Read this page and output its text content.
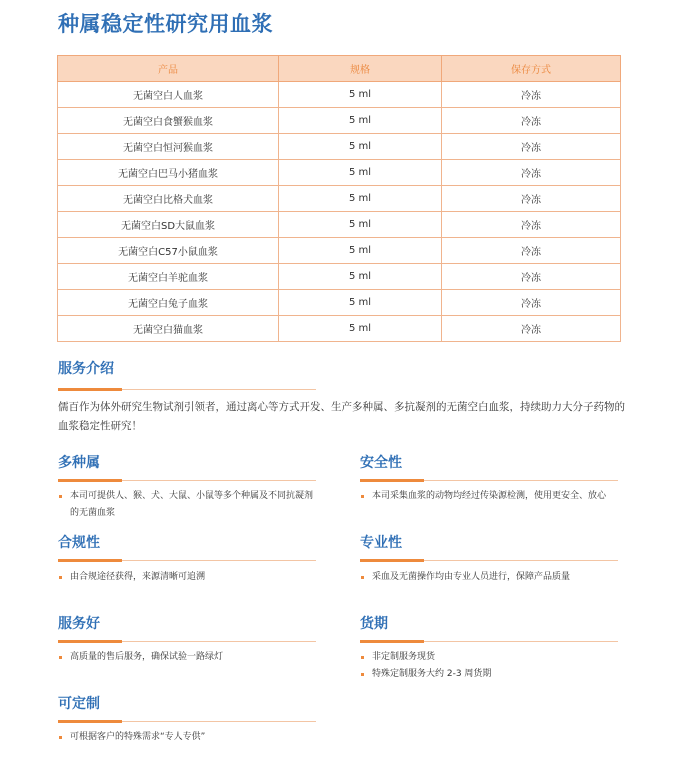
种属稳定性研究用血浆
产品	规格	保存方式
无菌空白人血浆	5 ml	冷冻
无菌空白食蟹猴血浆	5 ml	冷冻
无菌空白恒河猴血浆	5 ml	冷冻
无菌空白巴马小猪血浆	5 ml	冷冻
无菌空白比格犬血浆	5 ml	冷冻
无菌空白SD大鼠血浆	5 ml	冷冻
无菌空白C57小鼠血浆	5 ml	冷冻
无菌空白羊驼血浆	5 ml	冷冻
无菌空白兔子血浆	5 ml	冷冻
无菌空白猫血浆	5 ml	冷冻
服务介绍

儒百作为体外研究生物试剂引领者，通过离心等方式开发、生产多种属、多抗凝剂的无菌空白血浆，持续助力大分子药物的血浆稳定性研究！

多种属
本司可提供人、猴、犬、大鼠、小鼠等多个种属及不同抗凝剂的无菌血浆
安全性
本司采集血浆的动物均经过传染源检测，使用更安全、放心
合规性
由合规途径获得，来源清晰可追溯
专业性
采血及无菌操作均由专业人员进行，保障产品质量
服务好
高质量的售后服务，确保试验一路绿灯
货期
非定制服务现货
特殊定制服务大约 2-3 周货期
可定制
可根据客户的特殊需求“专人专供”
